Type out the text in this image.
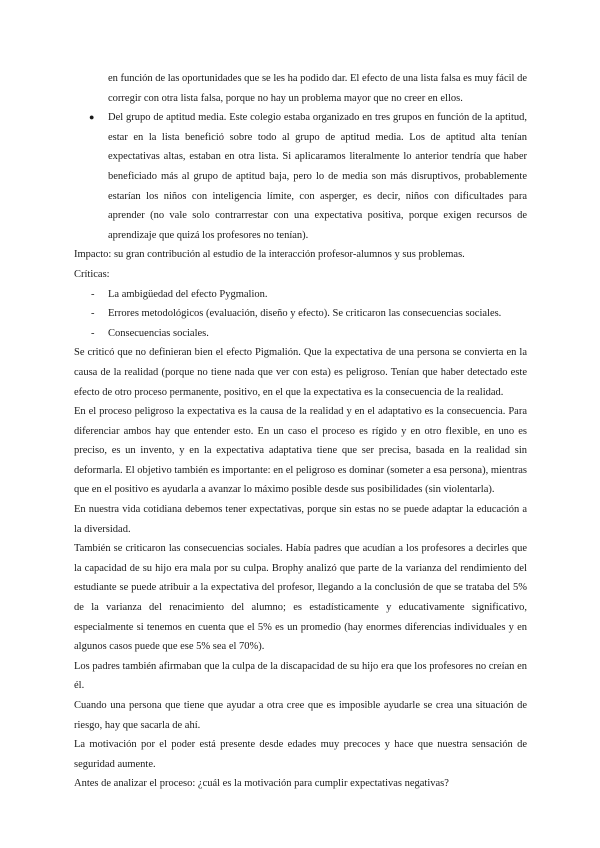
en función de las oportunidades que se les ha podido dar. El efecto de una lista falsa es muy fácil de corregir con otra lista falsa, porque no hay un problema mayor que no creer en ellos.

● Del grupo de aptitud media. Este colegio estaba organizado en tres grupos en función de la aptitud, estar en la lista benefició sobre todo al grupo de aptitud media. Los de aptitud alta tenían expectativas altas, estaban en otra lista. Si aplicaramos literalmente lo anterior tendría que haber beneficiado más al grupo de aptitud baja, pero lo de media son más disruptivos, probablemente estarían los niños con inteligencia límite, con asperger, es decir, niños con dificultades para aprender (no vale solo contrarrestar con una expectativa positiva, porque exigen recursos de aprendizaje que quizá los profesores no tenían).

Impacto: su gran contribución al estudio de la interacción profesor-alumnos y sus problemas.

Críticas:

- La ambigüedad del efecto Pygmalion.

- Errores metodológicos (evaluación, diseño y efecto). Se criticaron las consecuencias sociales.

- Consecuencias sociales.

Se criticó que no definieran bien el efecto Pigmalión. Que la expectativa de una persona se convierta en la causa de la realidad (porque no tiene nada que ver con esta) es peligroso. Tenían que haber detectado este efecto de otro proceso permanente, positivo, en el que la expectativa es la consecuencia de la realidad.

En el proceso peligroso la expectativa es la causa de la realidad y en el adaptativo es la consecuencia. Para diferenciar ambos hay que entender esto. En un caso el proceso es rígido y en otro flexible, en uno es preciso, es un invento, y en la expectativa adaptativa tiene que ser precisa, basada en la realidad sin deformarla. El objetivo también es importante: en el peligroso es dominar (someter a esa persona), mientras que en el positivo es ayudarla a avanzar lo máximo posible desde sus posibilidades (sin violentarla).

En nuestra vida cotidiana debemos tener expectativas, porque sin estas no se puede adaptar la educación a la diversidad.

También se criticaron las consecuencias sociales. Había padres que acudían a los profesores a decirles que la capacidad de su hijo era mala por su culpa. Brophy analizó que parte de la varianza del rendimiento del estudiante se puede atribuir a la expectativa del profesor, llegando a la conclusión de que se trataba del 5% de la varianza del renacimiento del alumno; es estadísticamente y educativamente significativo, especialmente si tenemos en cuenta que el 5% es un promedio (hay enormes diferencias individuales y en algunos casos puede que ese 5% sea el 70%).

Los padres también afirmaban que la culpa de la discapacidad de su hijo era que los profesores no creían en él.

Cuando una persona que tiene que ayudar a otra cree que es imposible ayudarle se crea una situación de riesgo, hay que sacarla de ahí.

La motivación por el poder está presente desde edades muy precoces y hace que nuestra sensación de seguridad aumente.

Antes de analizar el proceso: ¿cuál es la motivación para cumplir expectativas negativas?
